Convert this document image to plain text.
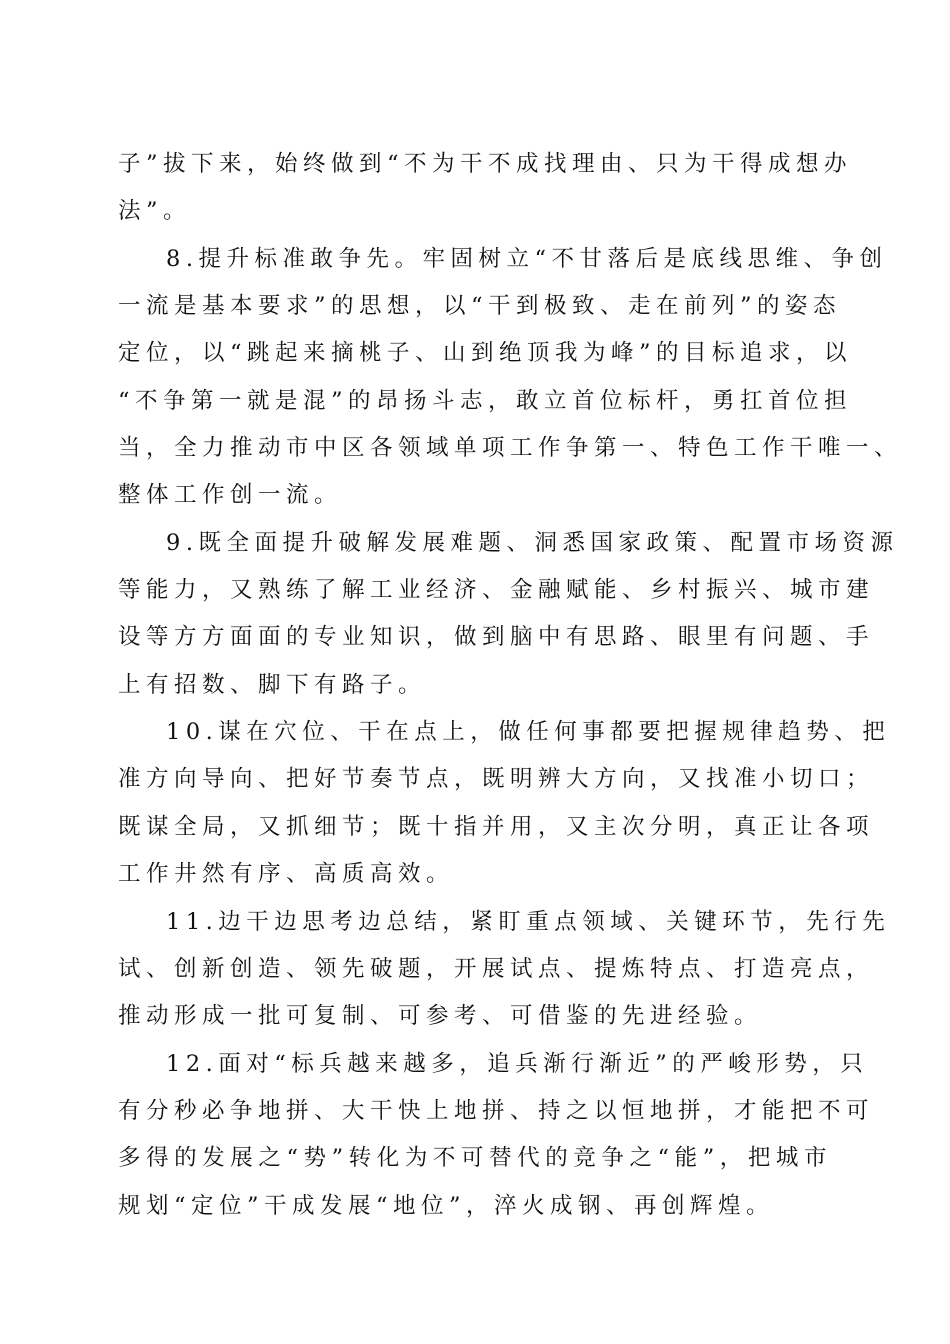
子”拔下来，始终做到“不为干不成找理由、只为干得成想办
法”。
8.提升标准敢争先。牢固树立“不甘落后是底线思维、争创
一流是基本要求”的思想，以“干到极致、走在前列”的姿态
定位，以“跳起来摘桃子、山到绝顶我为峰”的目标追求，以
“不争第一就是混”的昂扬斗志，敢立首位标杆，勇扛首位担
当，全力推动市中区各领域单项工作争第一、特色工作干唯一、
整体工作创一流。
9.既全面提升破解发展难题、洞悉国家政策、配置市场资源
等能力，又熟练了解工业经济、金融赋能、乡村振兴、城市建
设等方方面面的专业知识，做到脑中有思路、眼里有问题、手
上有招数、脚下有路子。
10.谋在穴位、干在点上，做任何事都要把握规律趋势、把
准方向导向、把好节奏节点，既明辨大方向，又找准小切口；
既谋全局，又抓细节；既十指并用，又主次分明，真正让各项
工作井然有序、高质高效。
11.边干边思考边总结，紧盯重点领域、关键环节，先行先
试、创新创造、领先破题，开展试点、提炼特点、打造亮点，
推动形成一批可复制、可参考、可借鉴的先进经验。
12.面对“标兵越来越多，追兵渐行渐近”的严峻形势，只
有分秒必争地拼、大干快上地拼、持之以恒地拼，才能把不可
多得的发展之“势”转化为不可替代的竞争之“能”，把城市
规划“定位”干成发展“地位”，淬火成钢、再创辉煌。
